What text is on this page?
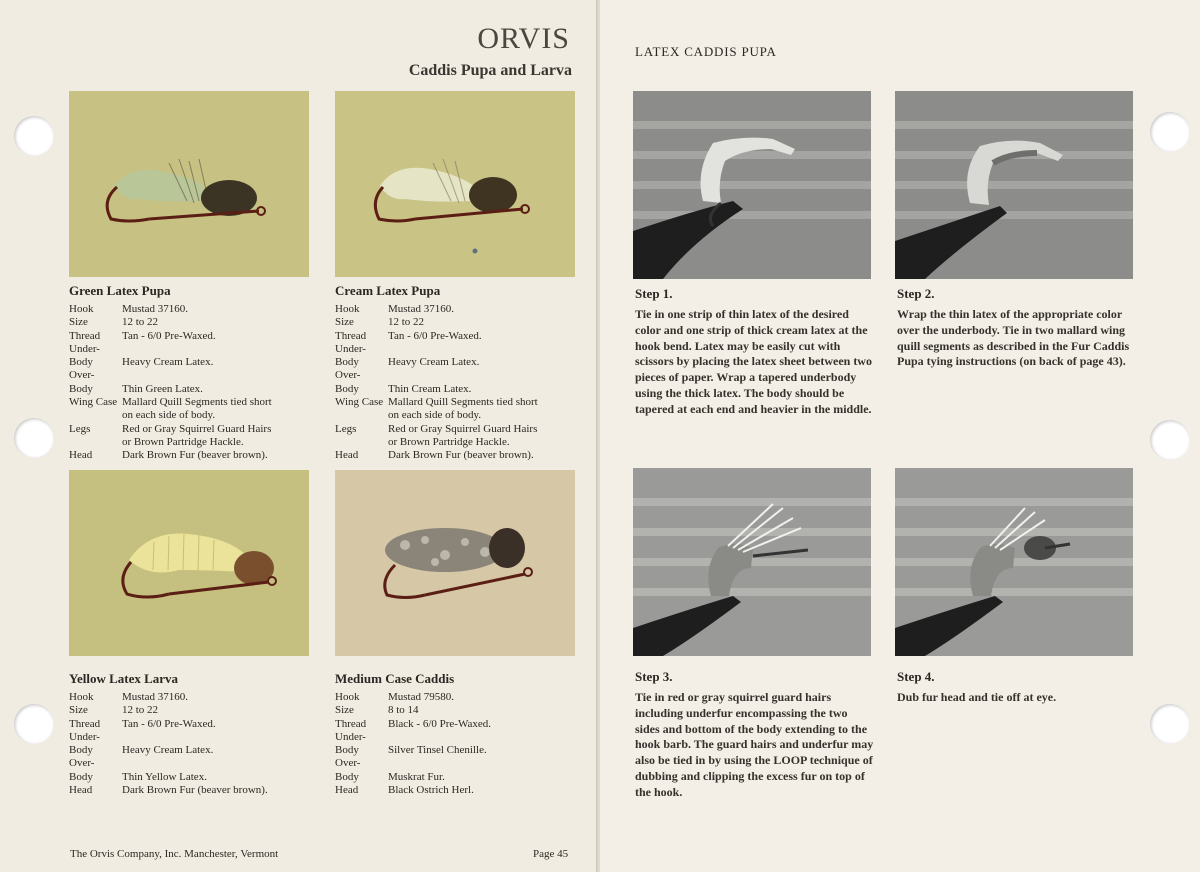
ORVIS
Caddis Pupa and Larva
Green Latex Pupa
Hook	Mustad 37160.
Size	12 to 22
Thread	Tan - 6/0 Pre-Waxed.
Under-
Body	Heavy Cream Latex.
Over-
Body	Thin Green Latex.
Wing Case Mallard Quill Segments tied short
on each side of body.
Legs	Red or Gray Squirrel Guard Hairs
or Brown Partridge Hackle.
Head	Dark Brown Fur (beaver brown).
Cream Latex Pupa
Hook	Mustad 37160.
Size	12 to 22
Thread	Tan - 6/0 Pre-Waxed.
Under-
Body	Heavy Cream Latex.
Over-
Body	Thin Cream Latex.
Wing Case Mallard Quill Segments tied short
on each side of body.
Legs	Red or Gray Squirrel Guard Hairs
or Brown Partridge Hackle.
Head	Dark Brown Fur (beaver brown).
Yellow Latex Larva
Hook	Mustad 37160.
Size	12 to 22
Thread	Tan - 6/0 Pre-Waxed.
Under-
Body	Heavy Cream Latex.
Over-
Body	Thin Yellow Latex.
Head	Dark Brown Fur (beaver brown).
Medium Case Caddis
Hook	Mustad 79580.
Size	8 to 14
Thread	Black - 6/0 Pre-Waxed.
Under-
Body	Silver Tinsel Chenille.
Over-
Body	Muskrat Fur.
Head	Black Ostrich Herl.
The Orvis Company, Inc. Manchester, Vermont	Page 45
LATEX CADDIS PUPA
Step 1.
Tie in one strip of thin latex of the desired color and one strip of thick cream latex at the hook bend. Latex may be easily cut with scissors by placing the latex sheet between two pieces of paper. Wrap a tapered underbody using the thick latex. The body should be tapered at each end and heavier in the middle.
Step 2.
Wrap the thin latex of the appropriate color over the underbody. Tie in two mallard wing quill segments as described in the Fur Caddis Pupa tying instructions (on back of page 43).
Step 3.
Tie in red or gray squirrel guard hairs including underfur encompassing the two sides and bottom of the body extending to the hook barb. The guard hairs and underfur may also be tied in by using the LOOP technique of dubbing and clipping the excess fur on top of the hook.
Step 4.
Dub fur head and tie off at eye.
